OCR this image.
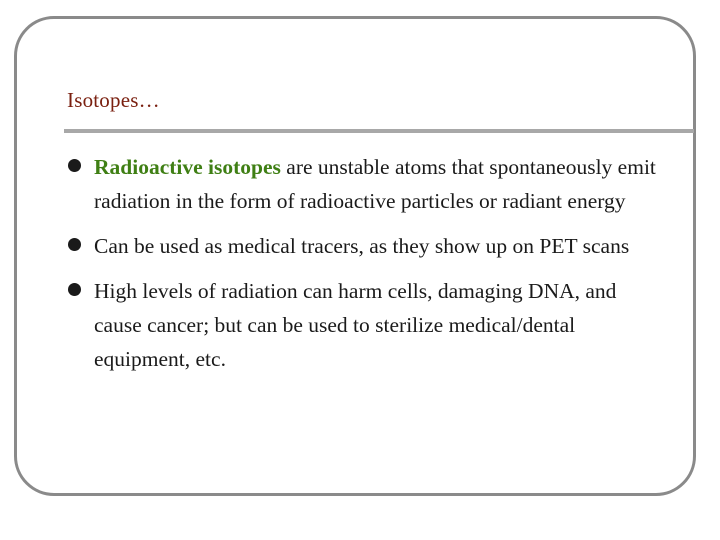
Isotopes…
Radioactive isotopes are unstable atoms that spontaneously emit radiation in the form of radioactive particles or radiant energy
Can be used as medical tracers, as they show up on PET scans
High levels of radiation can harm cells, damaging DNA, and cause cancer; but can be used to sterilize medical/dental equipment, etc.
